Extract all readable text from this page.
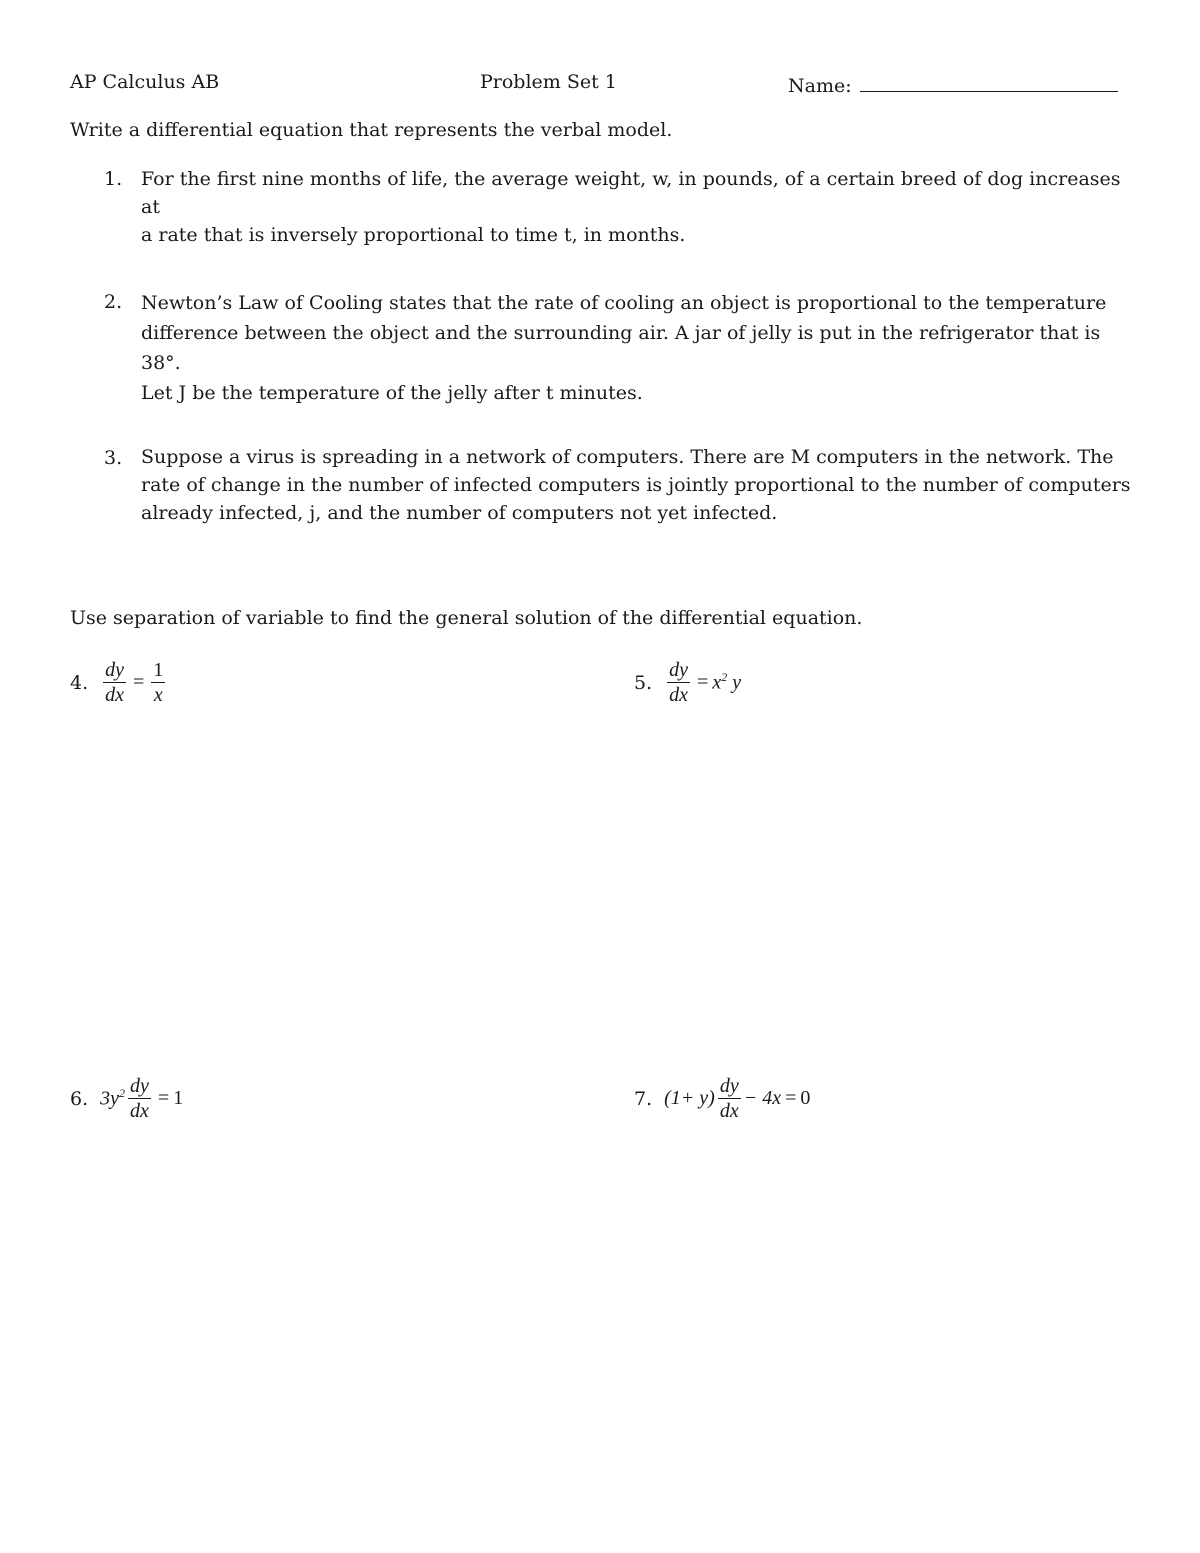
AP Calculus AB	Problem Set 1	Name:
Write a differential equation that represents the verbal model.
1. For the first nine months of life, the average weight, w, in pounds, of a certain breed of dog increases at
a rate that is inversely proportional to time t, in months.
2. Newton’s Law of Cooling states that the rate of cooling an object is proportional to the temperature
difference between the object and the surrounding air. A jar of jelly is put in the refrigerator that is 38°.
Let J be the temperature of the jelly after t minutes.
3. Suppose a virus is spreading in a network of computers. There are M computers in the network. The
rate of change in the number of infected computers is jointly proportional to the number of computers
already infected, j, and the number of computers not yet infected.
Use separation of variable to find the general solution of the differential equation.
4. $\frac{dy}{dx} = \frac{1}{x}$	5. $\frac{dy}{dx} = x^2$ y
6. $3y^2 \frac{dy}{dx} = 1$	7. $(1+ y) \frac{dy}{dx} - 4x = 0$
